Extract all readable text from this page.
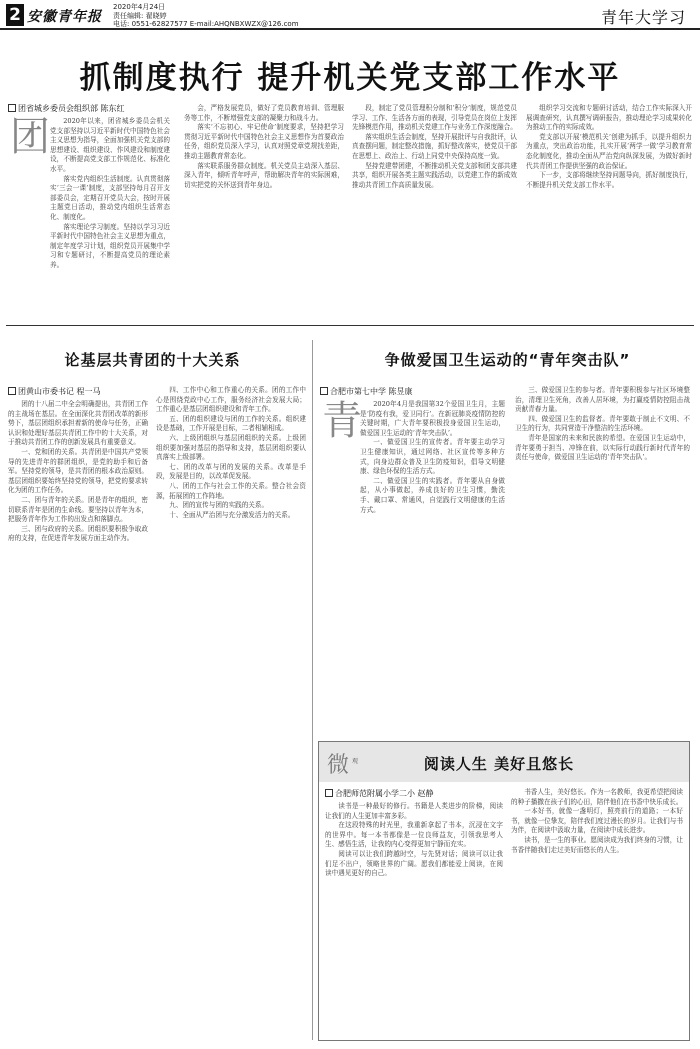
2 安徽青年报
2020年4月24日
责任编辑: 翟晓婷
电话: 0551-62827577 E-mail:AHQNBXWZX@126.com	青年大学习
抓制度执行 提升机关党支部工作水平
团省城乡委员会组织部 陈东红
团	2020年以来，团省城乡委员会机关党支部坚持以习近平新时代中国特色社会主义思想为指导，全面加强机关党支部的思想建设、组织建设、作风建设和制度建设，不断提高党支部工作规范化、标准化水平。

落实党内组织生活制度。认真贯彻落实‘三会一课’制度，支部坚持每月召开支部委员会，定期召开党员大会，按时开展主题党日活动，推动党内组织生活常态化、制度化。

落实理论学习制度。坚持以学习习近平新时代中国特色社会主义思想为重点，制定年度学习计划，组织党员开展集中学习和专题研讨，不断提高党员的理论素养。

会，严格发展党员，做好了党员教育培训、管理服务等工作，不断增强党支部的凝聚力和战斗力。

落实‘不忘初心、牢记使命’制度要求，坚持把学习贯彻习近平新时代中国特色社会主义思想作为首要政治任务，组织党员深入学习，认真对照党章党规找差距，推动主题教育常态化。

落实联系服务群众制度。机关党员主动深入基层、深入青年，倾听青年呼声，帮助解决青年的实际困难，切实把党的关怀送到青年身边。

段，制定了党员管理积分制和‘积分’制度，规范党员学习、工作、生活各方面的表现，引导党员在岗位上发挥先锋模范作用，推动机关党建工作与业务工作深度融合。

落实组织生活会制度，坚持开展批评与自我批评，认真查摆问题，制定整改措施，抓好整改落实，使党员干部在思想上、政治上、行动上同党中央保持高度一致。

坚持党建带团建，不断推动机关党支部和团支部共建共享，组织开展各类主题实践活动，以党建工作的新成效推动共青团工作高质量发展。

组织学习交流和专题研讨活动，结合工作实际深入开展调查研究，认真撰写调研报告，推动理论学习成果转化为推动工作的实际成效。

党支部以开展‘模范机关’创建为抓手，以提升组织力为重点，突出政治功能，扎实开展‘两学一做’学习教育常态化制度化，推动全面从严治党向纵深发展，为做好新时代共青团工作提供坚强的政治保证。

下一步，支部将继续坚持问题导向，抓好制度执行，不断提升机关党支部工作水平。

论基层共青团的十大关系
团黄山市委书记 程一马

团的十八届二中全会明确提出，共青团工作的主战场在基层。在全面深化共青团改革的新形势下，基层团组织承担着新的使命与任务，正确认识和处理好基层共青团工作中的十大关系，对于推动共青团工作的创新发展具有重要意义。

一、党和团的关系。共青团是中国共产党领导的先进青年的群团组织，是党的助手和后备军。坚持党的领导，是共青团的根本政治原则。基层团组织要始终坚持党的领导，把党的要求转化为团的工作任务。

二、团与青年的关系。团是青年的组织，密切联系青年是团的生命线。要坚持以青年为本，把服务青年作为工作的出发点和落脚点。

三、团与政府的关系。团组织要积极争取政府的支持，在促进青年发展方面主动作为。

四、工作中心和工作重心的关系。团的工作中心是围绕党政中心工作，服务经济社会发展大局；工作重心是基层团组织建设和青年工作。

五、团的组织建设与团的工作的关系。组织建设是基础，工作开展是目标，二者相辅相成。

六、上级团组织与基层团组织的关系。上级团组织要加强对基层的指导和支持，基层团组织要认真落实上级部署。

七、团的改革与团的发展的关系。改革是手段，发展是目的，以改革促发展。

八、团的工作与社会工作的关系。整合社会资源，拓展团的工作阵地。

九、团的宣传与团的实践的关系。

十、全面从严治团与充分激发活力的关系。

争做爱国卫生运动的“青年突击队”
合肥市第七中学 陈昱康
青	2020年4月是我国第32个爱国卫生月，主题是‘防疫有我，爱卫同行’。在新冠肺炎疫情防控的关键时期，广大青年要积极投身爱国卫生运动，做爱国卫生运动的‘青年突击队’。

一、做爱国卫生的宣传者。青年要主动学习卫生健康知识，通过网络、社区宣传等多种方式，向身边群众普及卫生防疫知识，倡导文明健康、绿色环保的生活方式。

二、做爱国卫生的实践者。青年要从自身做起，从小事做起，养成良好的卫生习惯，勤洗手、戴口罩、常通风，自觉践行文明健康的生活方式。

三、做爱国卫生的参与者。青年要积极参与社区环境整治，清理卫生死角，改善人居环境，为打赢疫情防控阻击战贡献青春力量。

四、做爱国卫生的监督者。青年要敢于制止不文明、不卫生的行为，共同营造干净整洁的生活环境。

青年是国家的未来和民族的希望。在爱国卫生运动中，青年要勇于担当、冲锋在前，以实际行动践行新时代青年的责任与使命，做爱国卫生运动的‘青年突击队’。

微 观	阅读人生 美好且悠长
合肥师范附属小学二小 赵静

读书是一种最好的修行。书籍是人类进步的阶梯，阅读让我们的人生更加丰富多彩。

在这段特殊的时光里，我重新拿起了书本，沉浸在文字的世界中。每一本书都像是一位良师益友，引领我思考人生、感悟生活，让我的内心变得更加宁静而充实。

阅读可以让我们跨越时空，与先贤对话；阅读可以让我们足不出户，领略世界的广阔。愿我们都能爱上阅读，在阅读中遇见更好的自己。

书香人生，美好悠长。作为一名教师，我更希望把阅读的种子播撒在孩子们的心田，陪伴他们在书香中快乐成长。

一本好书，就像一盏明灯，照亮前行的道路；一本好书，就像一位挚友，陪伴我们度过漫长的岁月。让我们与书为伴，在阅读中汲取力量，在阅读中成长进步。

读书，是一生的事业。愿阅读成为我们终身的习惯，让书香伴随我们走过美好而悠长的人生。
